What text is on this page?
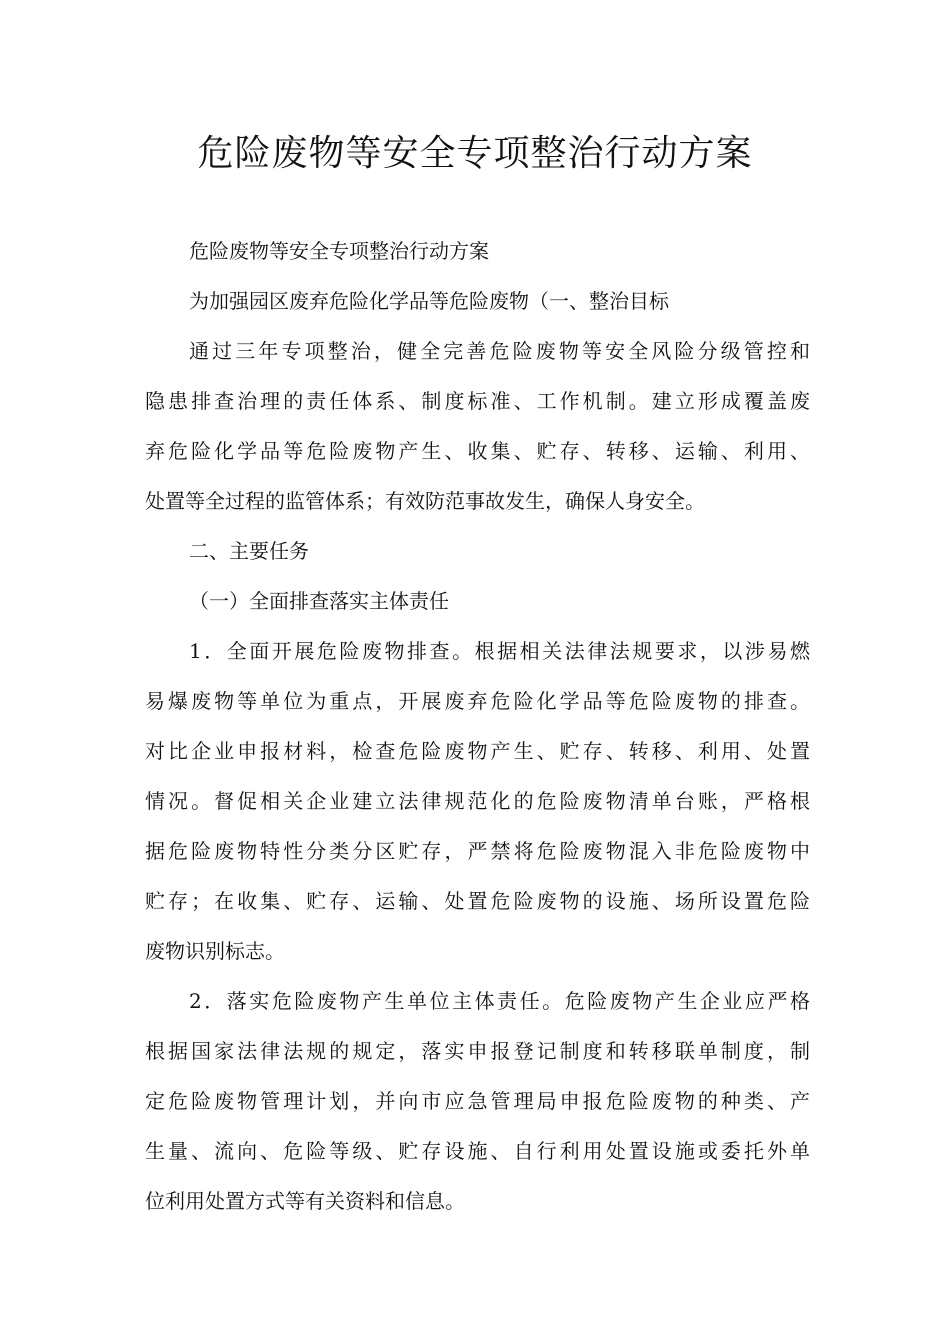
危险废物等安全专项整治行动方案
危险废物等安全专项整治行动方案
为加强园区废弃危险化学品等危险废物（一、整治目标
通过三年专项整治，健全完善危险废物等安全风险分级管控和
隐患排查治理的责任体系、制度标准、工作机制。建立形成覆盖废
弃危险化学品等危险废物产生、收集、贮存、转移、运输、利用、
处置等全过程的监管体系；有效防范事故发生，确保人身安全。
二、主要任务
（一）全面排查落实主体责任
1．全面开展危险废物排查。根据相关法律法规要求，以涉易燃
易爆废物等单位为重点，开展废弃危险化学品等危险废物的排查。
对比企业申报材料，检查危险废物产生、贮存、转移、利用、处置
情况。督促相关企业建立法律规范化的危险废物清单台账，严格根
据危险废物特性分类分区贮存，严禁将危险废物混入非危险废物中
贮存；在收集、贮存、运输、处置危险废物的设施、场所设置危险
废物识别标志。
2．落实危险废物产生单位主体责任。危险废物产生企业应严格
根据国家法律法规的规定，落实申报登记制度和转移联单制度，制
定危险废物管理计划，并向市应急管理局申报危险废物的种类、产
生量、流向、危险等级、贮存设施、自行利用处置设施或委托外单
位利用处置方式等有关资料和信息。
